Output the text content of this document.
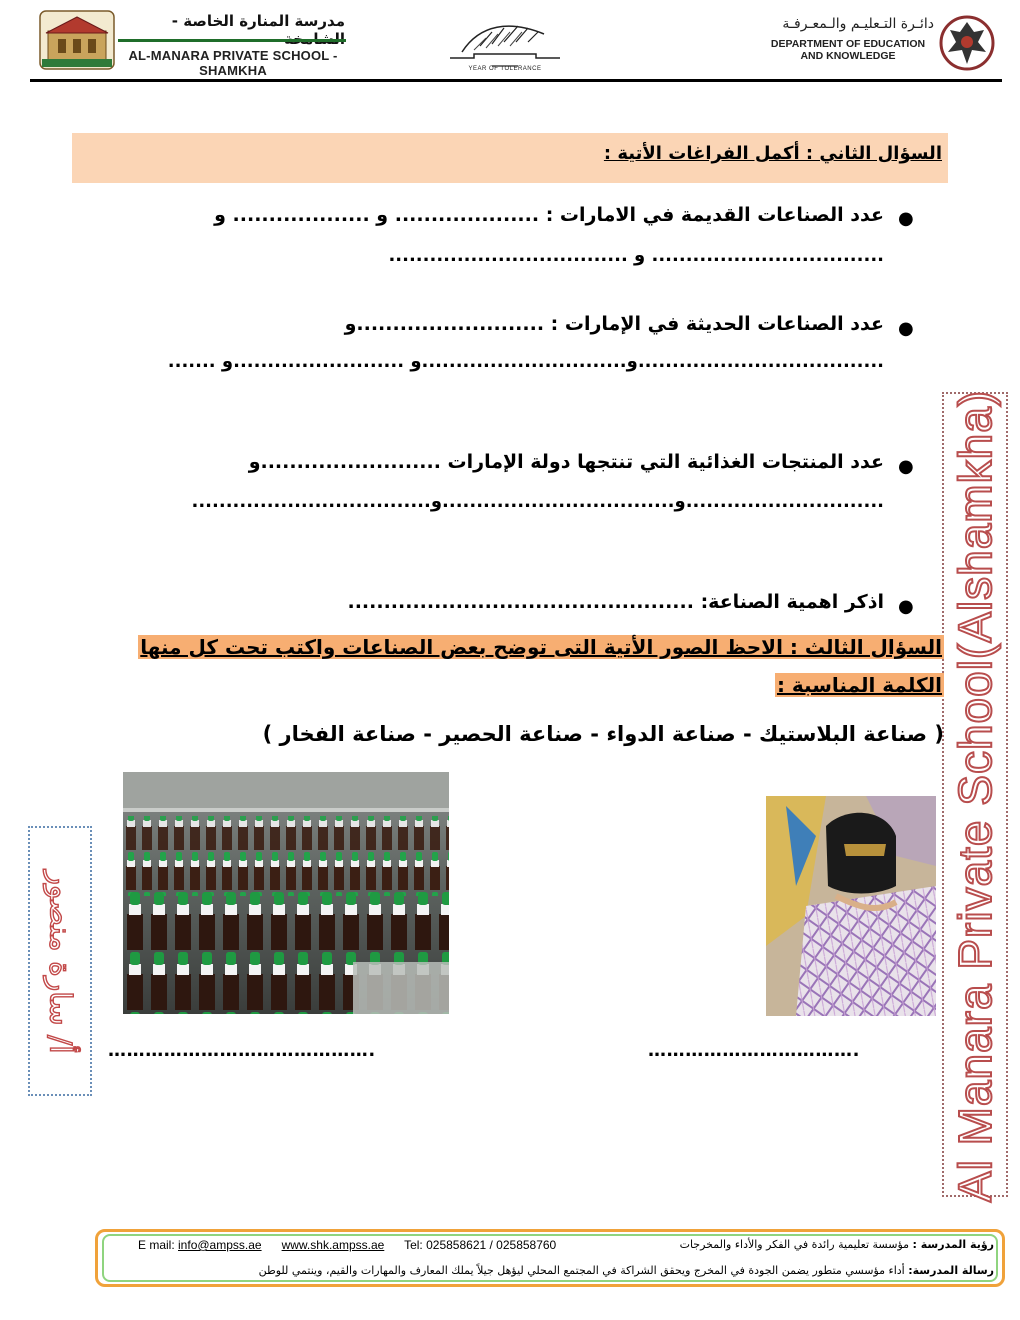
مدرسة المنارة الخاصة -
AL-MANARA PRIVATE SCHOOL - SHAMKHA	YEAR OF TOLERANCE
دائـرة التـعليـم والـمعـرفـة
DEPARTMENT OF EDUCATION
AND KNOWLEDGE
Al Manara Private School(Alshamkha)
أ/ سارة منصور
السؤال الثاني : أكمل الفراغات الأتية :
●
عدد الصناعات القديمة في الامارات : .................... و ................... و
.................................. و ...................................
●
عدد الصناعات الحديثة في الإمارات : ..........................و
....................................و..............................و .........................و .......
●
عدد المنتجات الغذائية التي تنتجها دولة الإمارات .........................و
.............................و..................................و...................................
●
اذكر اهمية الصناعة: ................................................
السؤال الثالث : الاحظ الصور الأتية التى توضح بعض الصناعات واكتب تحت كل منها
الكلمة المناسبة :
( صناعة البلاستيك - صناعة الدواء - صناعة الحصير - صناعة الفخار )
…………………………………….	…………………………….
رؤية المدرسة : مؤسسة تعليمية رائدة في الفكر والأداء والمخرجات
E mail: info@ampss.ae www.shk.ampss.ae Tel: 025858621 / 025858760
رسالة المدرسة: أداء مؤسسي متطور يضمن الجودة في المخرج ويحقق الشراكة في المجتمع المحلي ليؤهل جيلاً يملك المعارف والمهارات والقيم، وينتمي للوطن
